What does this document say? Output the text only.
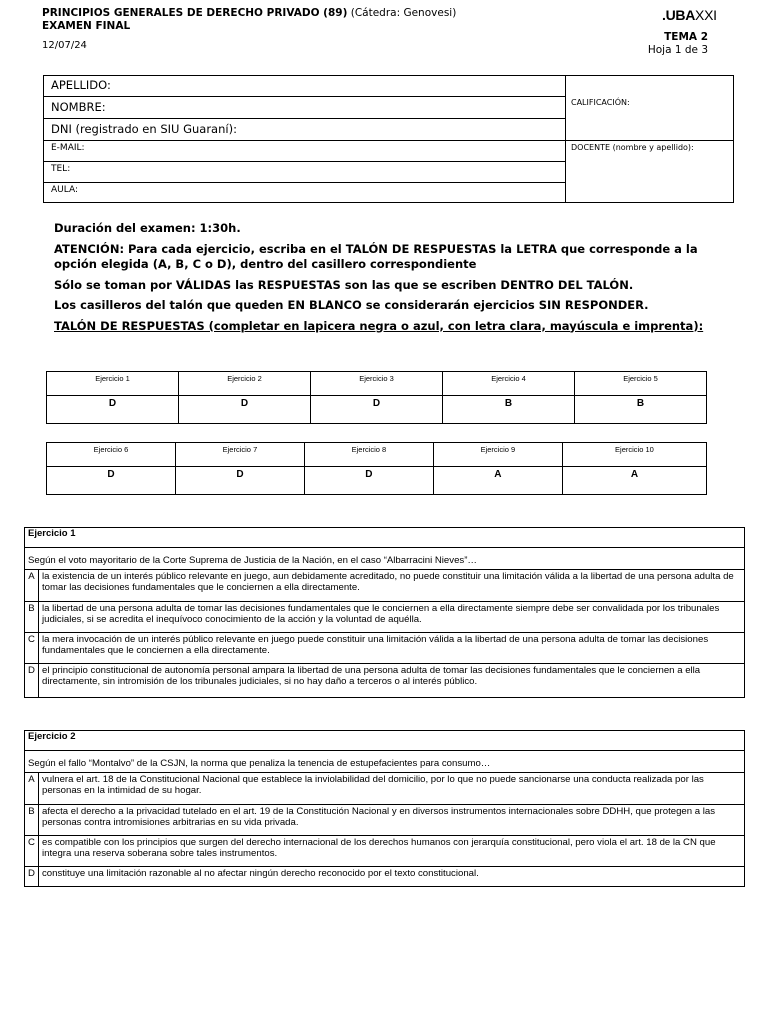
PRINCIPIOS GENERALES DE DERECHO PRIVADO (89) (Cátedra: Genovesi)
EXAMEN FINAL
12/07/24
.UBAXXI
TEMA 2
Hoja 1 de 3
APELLIDO:
NOMBRE:
DNI (registrado en SIU Guaraní):
E-MAIL:
TEL:
AULA:
CALIFICACIÓN:
DOCENTE (nombre y apellido):

Duración del examen: 1:30h.

ATENCIÓN: Para cada ejercicio, escriba en el TALÓN DE RESPUESTAS la LETRA que corresponde a la opción elegida (A, B, C o D), dentro del casillero correspondiente

Sólo se toman por VÁLIDAS las RESPUESTAS son las que se escriben DENTRO DEL TALÓN.

Los casilleros del talón que queden EN BLANCO se considerarán ejercicios SIN RESPONDER.

TALÓN DE RESPUESTAS (completar en lapicera negra o azul, con letra clara, mayúscula e imprenta):

Ejercicio 1	Ejercicio 2	Ejercicio 3	Ejercicio 4	Ejercicio 5
D	D	D	B	B
Ejercicio 6	Ejercicio 7	Ejercicio 8	Ejercicio 9	Ejercicio 10
D	D	D	A	A
Ejercicio 1
Según el voto mayoritario de la Corte Suprema de Justicia de la Nación, en el caso “Albarracini Nieves”…
A la existencia de un interés público relevante en juego, aun debidamente acreditado, no puede constituir una limitación válida a la libertad de una persona adulta de tomar las decisiones fundamentales que le conciernen a ella directamente.
B la libertad de una persona adulta de tomar las decisiones fundamentales que le conciernen a ella directamente siempre debe ser convalidada por los tribunales judiciales, si se acredita el inequívoco conocimiento de la acción y la voluntad de aquélla.
C la mera invocación de un interés público relevante en juego puede constituir una limitación válida a la libertad de una persona adulta de tomar las decisiones fundamentales que le conciernen a ella directamente.
D el principio constitucional de autonomía personal ampara la libertad de una persona adulta de tomar las decisiones fundamentales que le conciernen a ella directamente, sin intromisión de los tribunales judiciales, si no hay daño a terceros o al interés público.
Ejercicio 2
Según el fallo “Montalvo” de la CSJN, la norma que penaliza la tenencia de estupefacientes para consumo…
A vulnera el art. 18 de la Constitucional Nacional que establece la inviolabilidad del domicilio, por lo que no puede sancionarse una conducta realizada por las personas en la intimidad de su hogar.
B afecta el derecho a la privacidad tutelado en el art. 19 de la Constitución Nacional y en diversos instrumentos internacionales sobre DDHH, que protegen a las personas contra intromisiones arbitrarias en su vida privada.
C es compatible con los principios que surgen del derecho internacional de los derechos humanos con jerarquía constitucional, pero viola el art. 18 de la CN que integra una reserva soberana sobre tales instrumentos.
D constituye una limitación razonable al no afectar ningún derecho reconocido por el texto constitucional.
